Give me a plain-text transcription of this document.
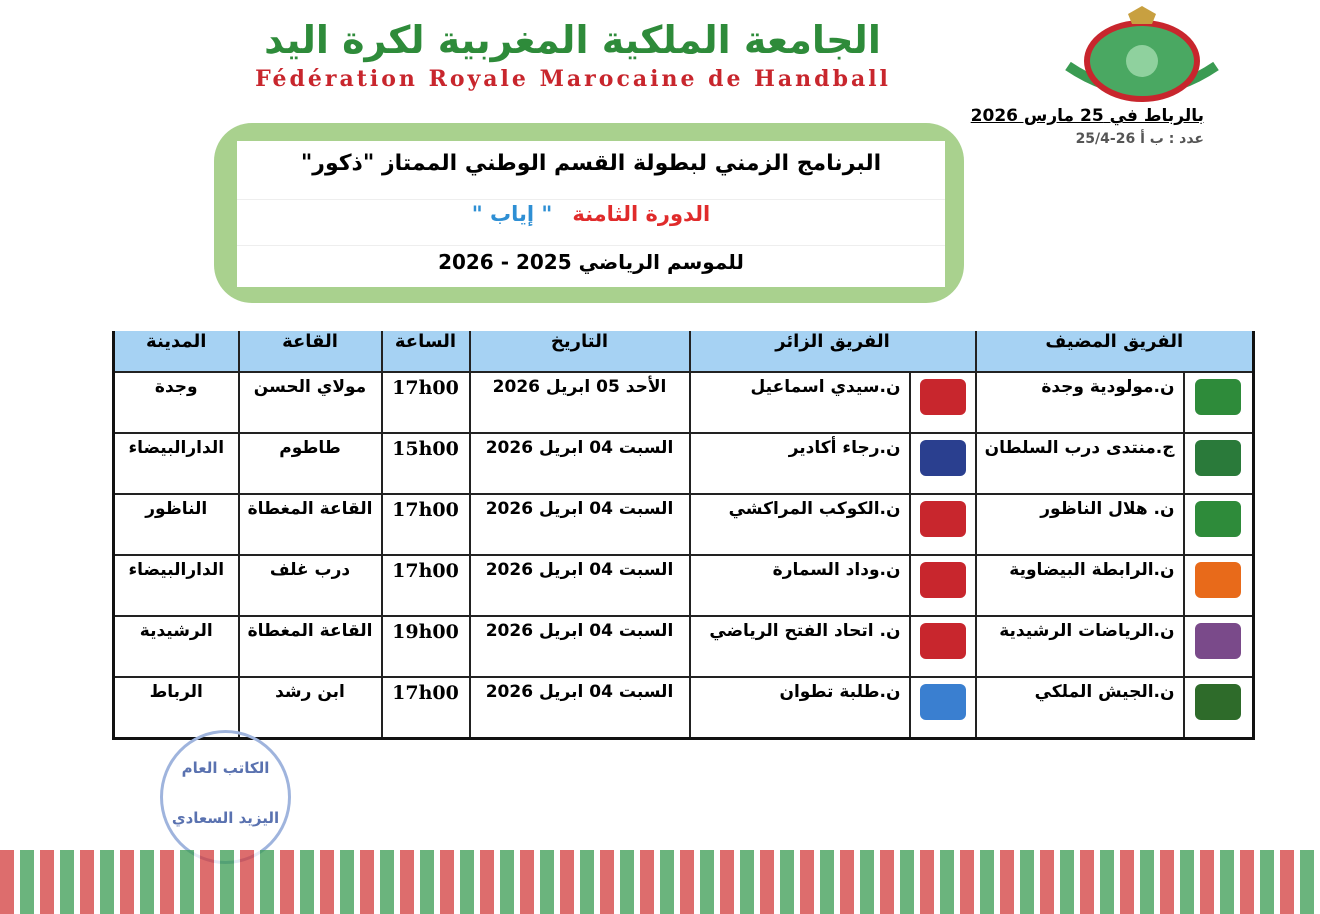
الجامعة الملكية المغربية لكرة اليد
Fédération Royale Marocaine de Handball
بالرباط في 25 مارس 2026
عدد : ب أ 26-25/4
البرنامج الزمني لبطولة القسم الوطني الممتاز "ذكور"
الدورة الثامنة" إياب "
للموسم الرياضي 2025 - 2026
الفريق المضيف		الفريق الزائر		التاريخ	الساعة	القاعة	المدينة
	ن.مولودية وجدة		ن.سيدي اسماعيل	الأحد 05 ابريل 2026	17h00	مولاي الحسن	وجدة
	ج.منتدى درب السلطان		ن.رجاء أكادير	السبت 04 ابريل 2026	15h00	طاطوم	الدارالبيضاء
	ن. هلال الناظور		ن.الكوكب المراكشي	السبت 04 ابريل 2026	17h00	القاعة المغطاة	الناظور
	ن.الرابطة البيضاوية		ن.وداد السمارة	السبت 04 ابريل 2026	17h00	درب غلف	الدارالبيضاء
	ن.الرياضات الرشيدية		ن. اتحاد الفتح الرياضي	السبت 04 ابريل 2026	19h00	القاعة المغطاة	الرشيدية
	ن.الجيش الملكي		ن.طلبة تطوان	السبت 04 ابريل 2026	17h00	ابن رشد	الرباط
الكاتب العام
اليزيد السعادي
